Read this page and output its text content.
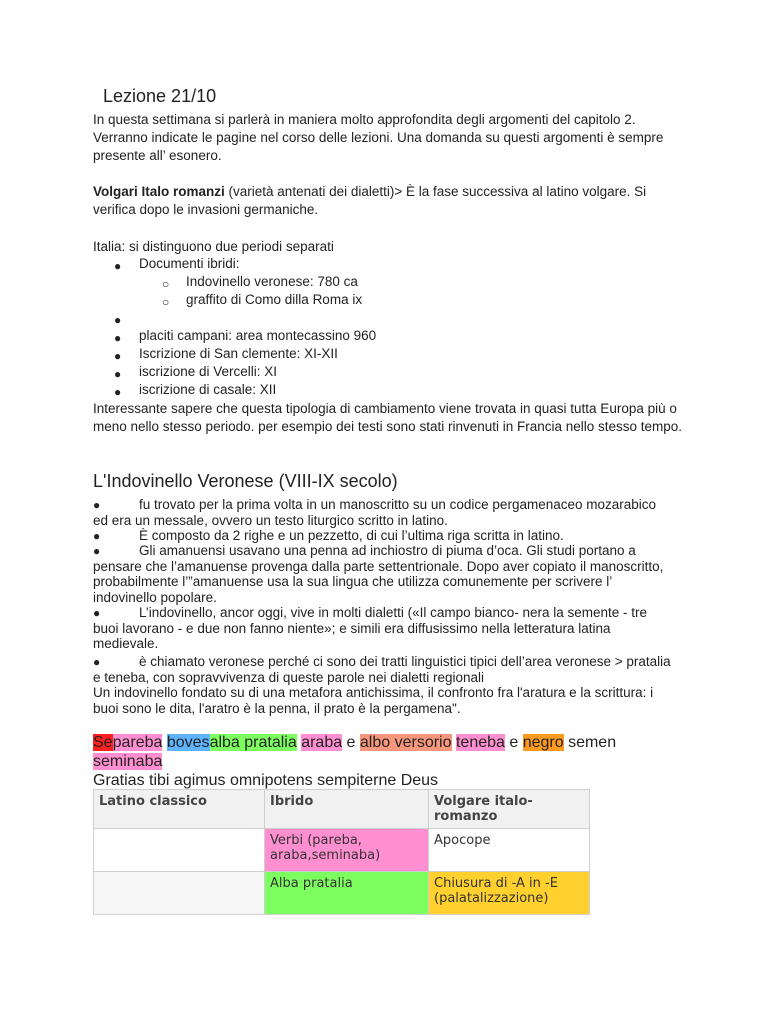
Lezione 21/10
In questa settimana si parlerà in maniera molto approfondita degli argomenti del capitolo 2. Verranno indicate le pagine nel corso delle lezioni. Una domanda su questi argomenti è sempre presente all’ esonero.
Volgari Italo romanzi (varietà antenati dei dialetti)> È la fase successiva al latino volgare. Si verifica dopo le invasioni germaniche.
Italia: si distinguono due periodi separati
● Documenti ibridi:
○ Indovinello veronese: 780 ca
○ graffito di Como dilla Roma ix
●
● placiti campani: area montecassino 960
● Iscrizione di San clemente: XI-XII
● iscrizione di Vercelli: XI
● iscrizione di casale: XII
Interessante sapere che questa tipologia di cambiamento viene trovata in quasi tutta Europa più o meno nello stesso periodo. per esempio dei testi sono stati rinvenuti in Francia nello stesso tempo.
L'Indovinello Veronese (VIII-IX secolo)
●	fu trovato per la prima volta in un manoscritto su un codice pergamenaceo mozarabico ed era un messale, ovvero un testo liturgico scritto in latino.
●	È composto da 2 righe e un pezzetto, di cui l’ultima riga scritta in latino.
●	Gli amanuensi usavano una penna ad inchiostro di piuma d’oca. Gli studi portano a pensare che l’amanuense provenga dalla parte settentrionale. Dopo aver copiato il manoscritto, probabilmente l’”amanuense usa la sua lingua che utilizza comunemente per scrivere l’ indovinello popolare.
●	L’indovinello, ancor oggi, vive in molti dialetti («Il campo bianco- nera la semente - tre buoi lavorano - e due non fanno niente»; e simili era diffusissimo nella letteratura latina medievale.
●	è chiamato veronese perché ci sono dei tratti linguistici tipici dell’area veronese > pratalia e teneba, con sopravvivenza di queste parole nei dialetti regionali
Un indovinello fondato su di una metafora antichissima, il confronto fra l'aratura e la scrittura: i buoi sono le dita, l'aratro è la penna, il prato è la pergamena".
Separeba bovesalba pratalia araba e albo versorio teneba e negro semen
seminaba
Gratias tibi agimus omnipotens sempiterne Deus
Latino classico	Ibrido	Volgare italo-romanzo
	Verbi (pareba, araba,seminaba)	Apocope
	Alba pratalia	Chiusura di -A in -E (palatalizzazione)
